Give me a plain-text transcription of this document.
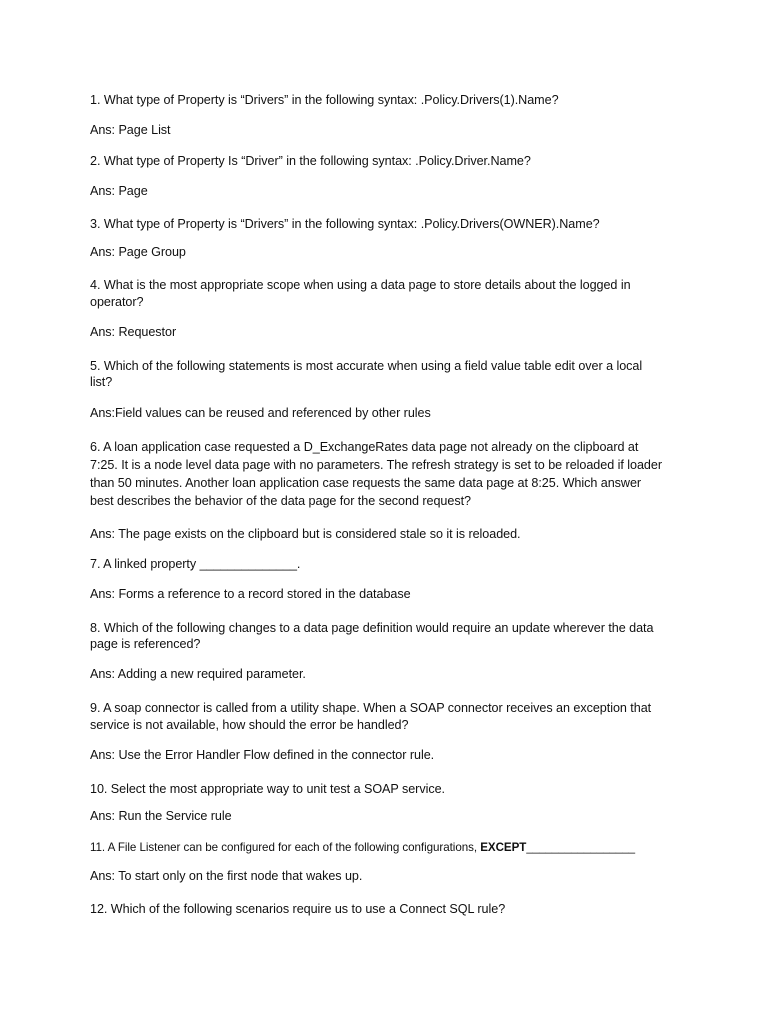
1. What type of Property is “Drivers” in the following syntax: .Policy.Drivers(1).Name?
Ans: Page List
2. What type of Property Is “Driver” in the following syntax: .Policy.Driver.Name?
Ans: Page
3. What type of Property is “Drivers” in the following syntax: .Policy.Drivers(OWNER).Name?
Ans: Page Group
4. What is the most appropriate scope when using a data page to store details about the logged in
operator?
Ans: Requestor
5. Which of the following statements is most accurate when using a field value table edit over a local
list?
Ans:Field values can be reused and referenced by other rules
6. A loan application case requested a D_ExchangeRates data page not already on the clipboard at
7:25. It is a node level data page with no parameters. The refresh strategy is set to be reloaded if loader
than 50 minutes. Another loan application case requests the same data page at 8:25. Which answer
best describes the behavior of the data page for the second request?
Ans: The page exists on the clipboard but is considered stale so it is reloaded.
7. A linked property ______________.
Ans: Forms a reference to a record stored in the database
8. Which of the following changes to a data page definition would require an update wherever the data
page is referenced?
Ans: Adding a new required parameter.
9. A soap connector is called from a utility shape. When a SOAP connector receives an exception that
service is not available, how should the error be handled?
Ans: Use the Error Handler Flow defined in the connector rule.
10. Select the most appropriate way to unit test a SOAP service.
Ans: Run the Service rule
11. A File Listener can be configured for each of the following configurations, EXCEPT_________________
Ans: To start only on the first node that wakes up.
12. Which of the following scenarios require us to use a Connect SQL rule?
